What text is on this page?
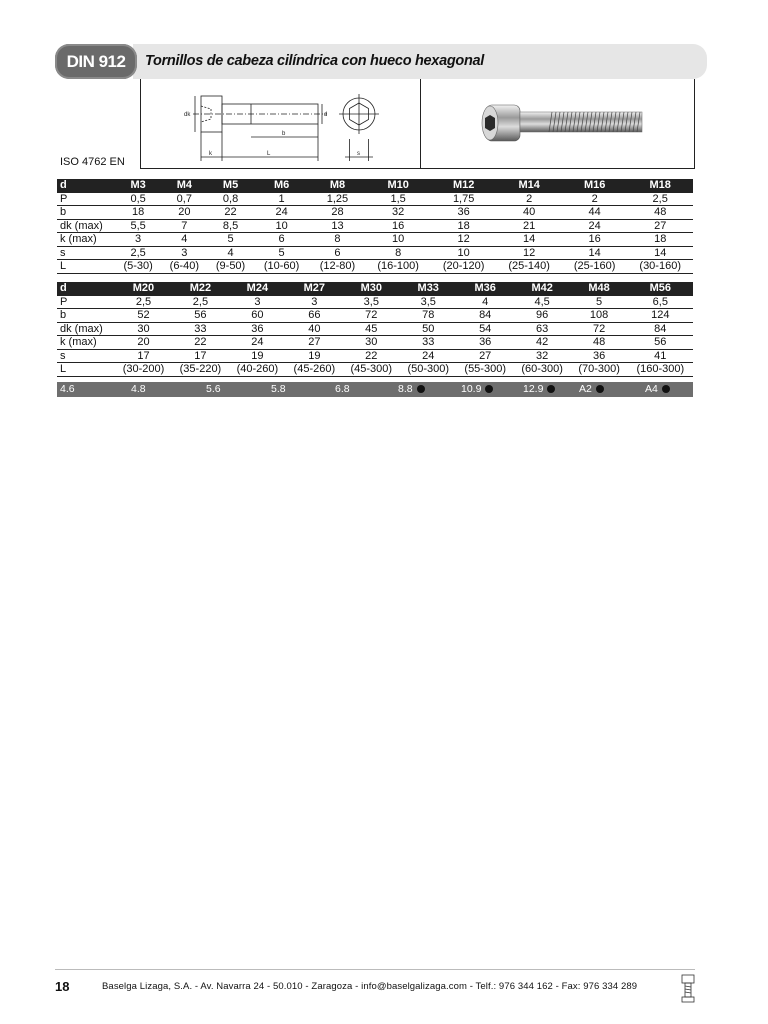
DIN 912	Tornillos de cabeza cilíndrica con hueco hexagonal
dk	d
k	L
b
s
ISO 4762 EN
d	M3	M4	M5	M6	M8	M10	M12	M14	M16	M18
P	0,5	0,7	0,8	1	1,25	1,5	1,75	2	2	2,5
b	18	20	22	24	28	32	36	40	44	48
dk (max)	5,5	7	8,5	10	13	16	18	21	24	27
k (max)	3	4	5	6	8	10	12	14	16	18
s	2,5	3	4	5	6	8	10	12	14	14
L	(5-30)	(6-40)	(9-50)	(10-60)	(12-80)	(16-100)	(20-120)	(25-140)	(25-160)	(30-160)
d	M20	M22	M24	M27	M30	M33	M36	M42	M48	M56
P	2,5	2,5	3	3	3,5	3,5	4	4,5	5	6,5
b	52	56	60	66	72	78	84	96	108	124
dk (max)	30	33	36	40	45	50	54	63	72	84
k (max)	20	22	24	27	30	33	36	42	48	56
s	17	17	19	19	22	24	27	32	36	41
L	(30-200)	(35-220)	(40-260)	(45-260)	(45-300)	(50-300)	(55-300)	(60-300)	(70-300)	(160-300)
4.6	4.8	5.6	5.8	6.8	8.8	10.9	12.9	A2	A4
18	Baselga Lizaga, S.A. - Av. Navarra 24 - 50.010 - Zaragoza - info@baselgalizaga.com - Telf.: 976 344 162 - Fax: 976 334 289
